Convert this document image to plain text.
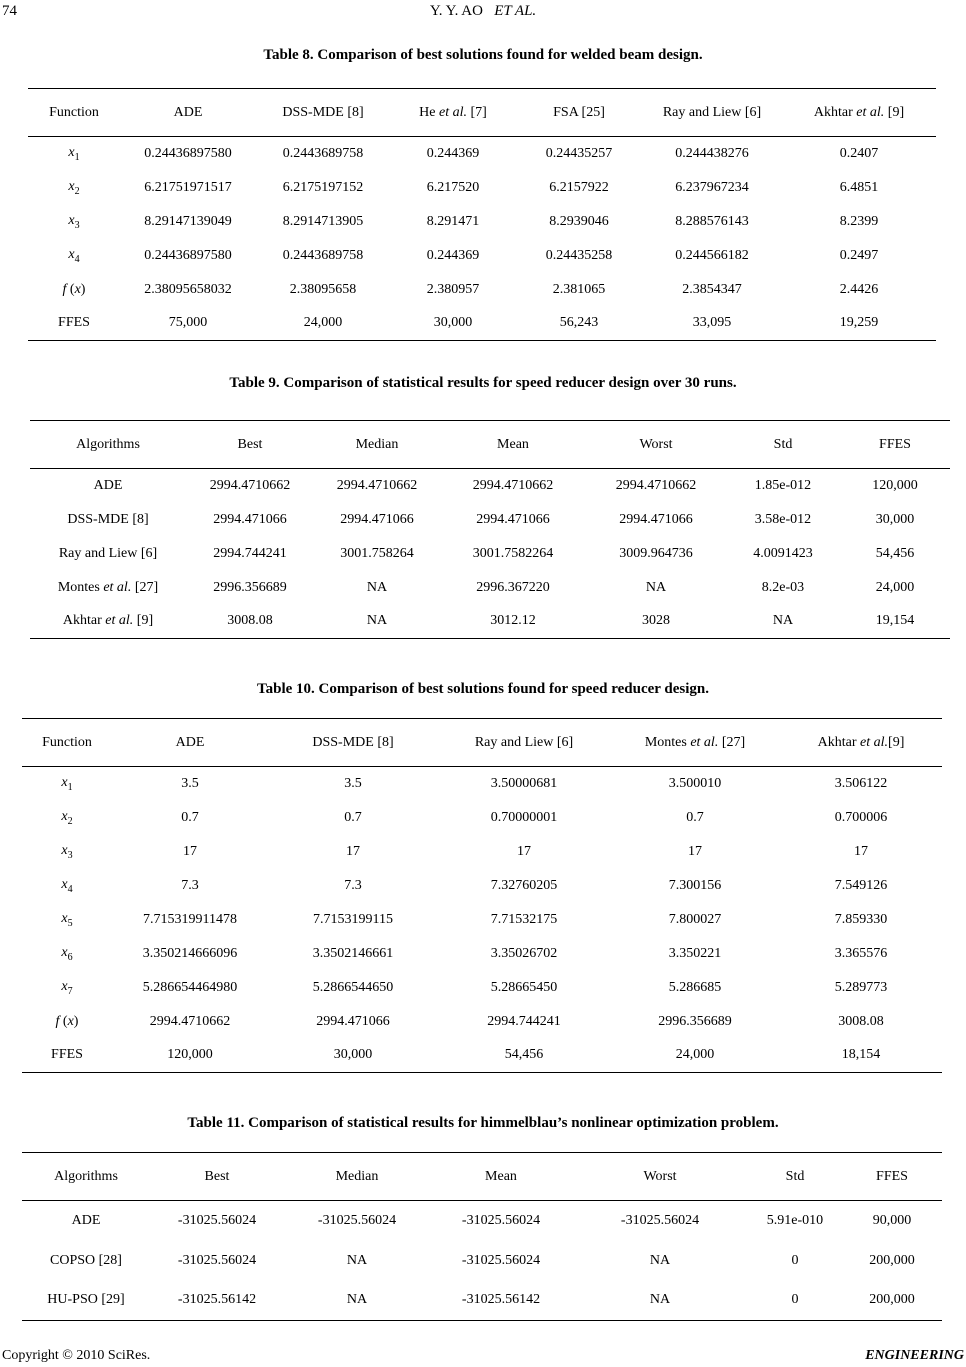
74	Y. Y. AO ET AL.
Table 8. Comparison of best solutions found for welded beam design.
Function	ADE	DSS-MDE [8]	He et al. [7]	FSA [25]	Ray and Liew [6]	Akhtar et al. [9]
$x_1$	0.24436897580	0.2443689758	0.244369	0.24435257	0.244438276	0.2407
$x_2$	6.21751971517	6.2175197152	6.217520	6.2157922	6.237967234	6.4851
$x_3$	8.29147139049	8.2914713905	8.291471	8.2939046	8.288576143	8.2399
$x_4$	0.24436897580	0.2443689758	0.244369	0.24435258	0.244566182	0.2497
f (x)	2.38095658032	2.38095658	2.380957	2.381065	2.3854347	2.4426
FFES	75,000	24,000	30,000	56,243	33,095	19,259
Table 9. Comparison of statistical results for speed reducer design over 30 runs.
Algorithms	Best	Median	Mean	Worst	Std	FFES
ADE	2994.4710662	2994.4710662	2994.4710662	2994.4710662	1.85e-012	120,000
DSS-MDE [8]	2994.471066	2994.471066	2994.471066	2994.471066	3.58e-012	30,000
Ray and Liew [6]	2994.744241	3001.758264	3001.7582264	3009.964736	4.0091423	54,456
Montes et al. [27]	2996.356689	NA	2996.367220	NA	8.2e-03	24,000
Akhtar et al. [9]	3008.08	NA	3012.12	3028	NA	19,154
Table 10. Comparison of best solutions found for speed reducer design.
Function	ADE	DSS-MDE [8]	Ray and Liew [6]	Montes et al. [27]	Akhtar et al.[9]
$x_1$	3.5	3.5	3.50000681	3.500010	3.506122
$x_2$	0.7	0.7	0.70000001	0.7	0.700006
$x_3$	17	17	17	17	17
$x_4$	7.3	7.3	7.32760205	7.300156	7.549126
$x_5$	7.715319911478	7.7153199115	7.71532175	7.800027	7.859330
$x_6$	3.350214666096	3.3502146661	3.35026702	3.350221	3.365576
$x_7$	5.286654464980	5.2866544650	5.28665450	5.286685	5.289773
f (x)	2994.4710662	2994.471066	2994.744241	2996.356689	3008.08
FFES	120,000	30,000	54,456	24,000	18,154
Table 11. Comparison of statistical results for himmelblau’s nonlinear optimization problem.
Algorithms	Best	Median	Mean	Worst	Std	FFES
ADE	-31025.56024	-31025.56024	-31025.56024	-31025.56024	5.91e-010	90,000
COPSO [28]	-31025.56024	NA	-31025.56024	NA	0	200,000
HU-PSO [29]	-31025.56142	NA	-31025.56142	NA	0	200,000
Copyright © 2010 SciRes.	ENGINEERING
